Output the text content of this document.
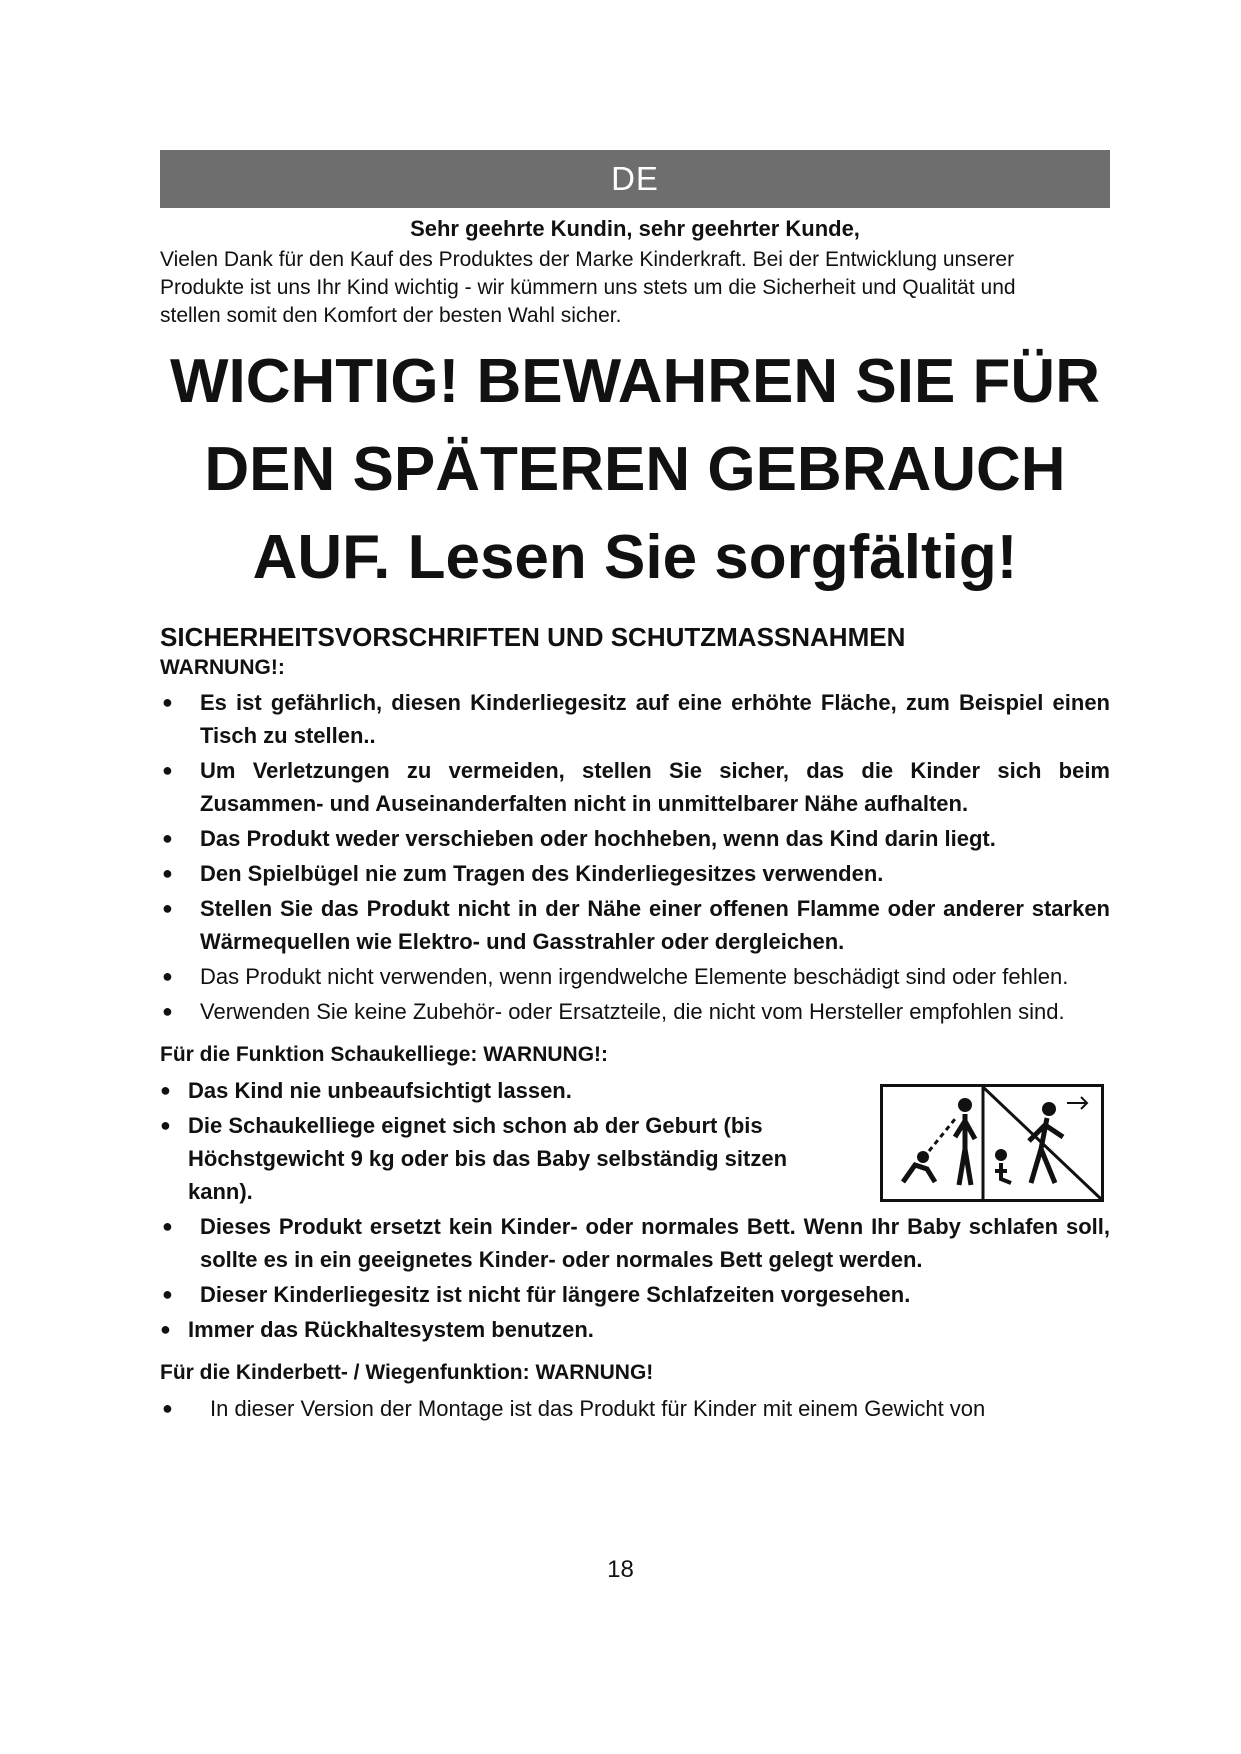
DE
Sehr geehrte Kundin, sehr geehrter Kunde,

Vielen Dank für den Kauf des Produktes der Marke Kinderkraft. Bei der Entwicklung unserer

Produkte ist uns Ihr Kind wichtig - wir kümmern uns stets um die Sicherheit und Qualität und

stellen somit den Komfort der besten Wahl sicher.

WICHTIG! BEWAHREN SIE FÜR
DEN SPÄTEREN GEBRAUCH
AUF. Lesen Sie sorgfältig!
SICHERHEITSVORSCHRIFTEN UND SCHUTZMASSNAHMEN
WARNUNG!:
● Es ist gefährlich, diesen Kinderliegesitz auf eine erhöhte Fläche, zum Beispiel einen Tisch zu stellen..
● Um Verletzungen zu vermeiden, stellen Sie sicher, das die Kinder sich beim Zusammen- und Auseinanderfalten nicht in unmittelbarer Nähe aufhalten.
● Das Produkt weder verschieben oder hochheben, wenn das Kind darin liegt.
● Den Spielbügel nie zum Tragen des Kinderliegesitzes verwenden.
● Stellen Sie das Produkt nicht in der Nähe einer offenen Flamme oder anderer starken Wärmequellen wie Elektro- und Gasstrahler oder dergleichen.
● Das Produkt nicht verwenden, wenn irgendwelche Elemente beschädigt sind oder fehlen.
● Verwenden Sie keine Zubehör- oder Ersatzteile, die nicht vom Hersteller empfohlen sind.
Für die Funktion Schaukelliege: WARNUNG!:
● Das Kind nie unbeaufsichtigt lassen.
● Die Schaukelliege eignet sich schon ab der Geburt (bis Höchstgewicht 9 kg oder bis das Baby selbständig sitzen kann).
● Dieses Produkt ersetzt kein Kinder- oder normales Bett. Wenn Ihr Baby schlafen soll, sollte es in ein geeignetes Kinder- oder normales Bett gelegt werden.
● Dieser Kinderliegesitz ist nicht für längere Schlafzeiten vorgesehen.
● Immer das Rückhaltesystem benutzen.
Für die Kinderbett- / Wiegenfunktion: WARNUNG!
● In dieser Version der Montage ist das Produkt für Kinder mit einem Gewicht von
18
